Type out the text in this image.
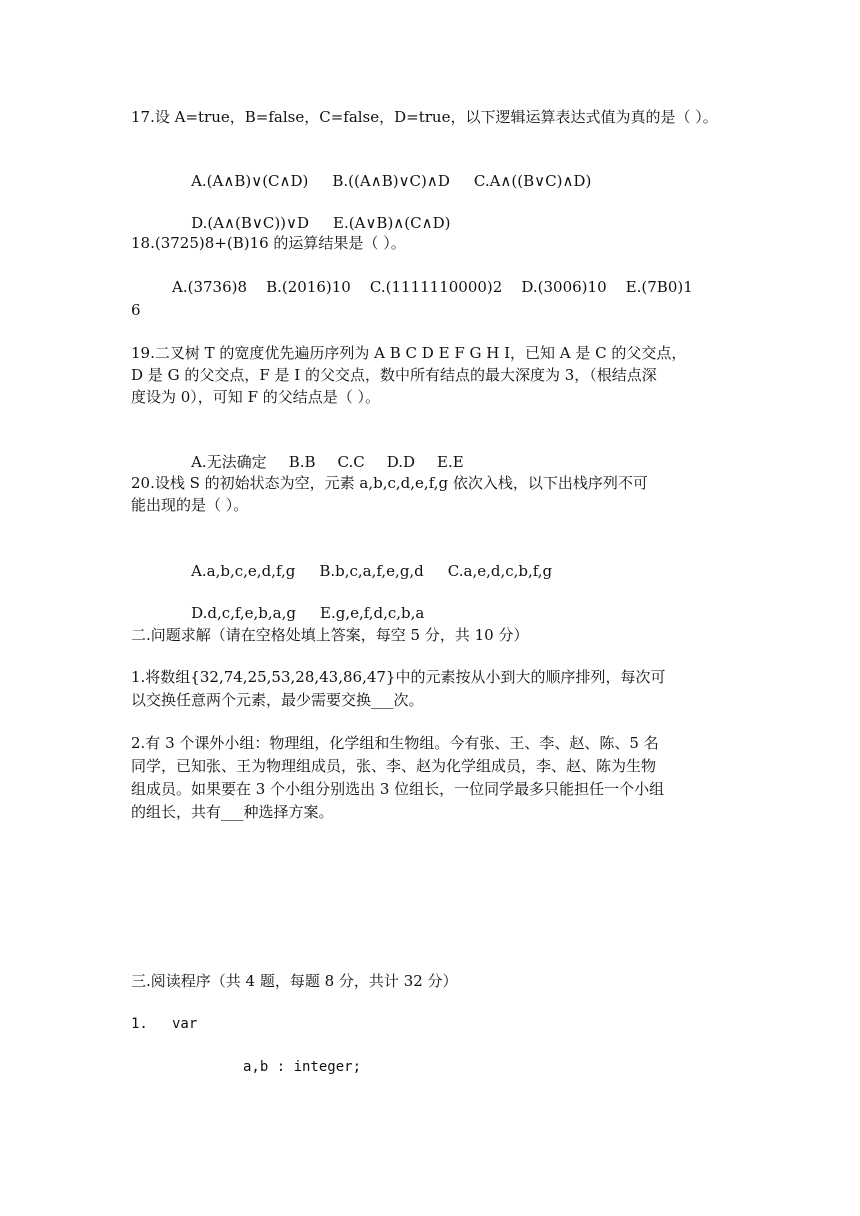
17.设 A=true，B=false，C=false，D=true，以下逻辑运算表达式值为真的是（ ）。

A.(A∧B)∨(C∧D) B.((A∧B)∨C)∧D C.A∧((B∨C)∧D)

D.(A∧(B∨C))∨D E.(A∨B)∧(C∧D)

18.(3725)8+(B)16 的运算结果是（ ）。

A.(3736)8    B.(2016)10    C.(1111110000)2    D.(3006)10    E.(7B0)1

6

19.二叉树 T 的宽度优先遍历序列为 A B C D E F G H I，已知 A 是 C 的父交点，

D 是 G 的父交点，F 是 I 的父交点，数中所有结点的最大深度为 3，（根结点深

度设为 0），可知 F 的父结点是（ ）。

A.无法确定 B.B C.C D.D E.E

20.设栈 S 的初始状态为空，元素 a,b,c,d,e,f,g 依次入栈，以下出栈序列不可

能出现的是（ ）。

A.a,b,c,e,d,f,g B.b,c,a,f,e,g,d C.a,e,d,c,b,f,g

D.d,c,f,e,b,a,g E.g,e,f,d,c,b,a

二.问题求解（请在空格处填上答案，每空 5 分，共 10 分）

1.将数组{32,74,25,53,28,43,86,47}中的元素按从小到大的顺序排列，每次可

以交换任意两个元素，最少需要交换___次。

2.有 3 个课外小组：物理组，化学组和生物组。今有张、王、李、赵、陈、5 名

同学，已知张、王为物理组成员，张、李、赵为化学组成员，李、赵、陈为生物

组成员。如果要在 3 个小组分别选出 3 位组长，一位同学最多只能担任一个小组

的组长，共有___种选择方案。

三.阅读程序（共 4 题，每题 8 分，共计 32 分）

1. var

a,b : integer;
